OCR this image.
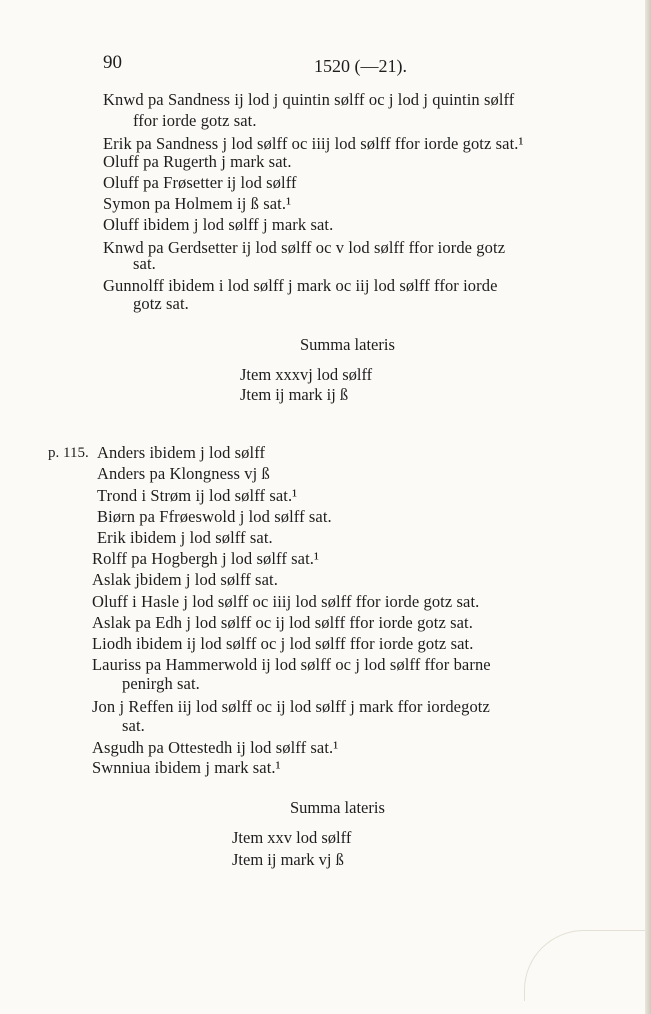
90	1520 (—21).
Knwd pa Sandness ij lod j quintin sølff oc j lod j quintin sølff
ffor iorde gotz sat.
Erik pa Sandness j lod sølff oc iiij lod sølff ffor iorde gotz sat.¹
Oluff pa Rugerth j mark sat.
Oluff pa Frøsetter ij lod sølff
Symon pa Holmem ij ß sat.¹
Oluff ibidem j lod sølff j mark sat.
Knwd pa Gerdsetter ij lod sølff oc v lod sølff ffor iorde gotz
sat.
Gunnolff ibidem i lod sølff j mark oc iij lod sølff ffor iorde
gotz sat.
Summa lateris
Jtem xxxvj lod sølff
Jtem ij mark ij ß
p. 115. Anders ibidem j lod sølff
Anders pa Klongness vj ß
Trond i Strøm ij lod sølff sat.¹
Biørn pa Ffrøeswold j lod sølff sat.
Erik ibidem j lod sølff sat.
Rolff pa Hogbergh j lod sølff sat.¹
Aslak jbidem j lod sølff sat.
Oluff i Hasle j lod sølff oc iiij lod sølff ffor iorde gotz sat.
Aslak pa Edh j lod sølff oc ij lod sølff ffor iorde gotz sat.
Liodh ibidem ij lod sølff oc j lod sølff ffor iorde gotz sat.
Lauriss pa Hammerwold ij lod sølff oc j lod sølff ffor barne
penirgh sat.
Jon j Reffen iij lod sølff oc ij lod sølff j mark ffor iordegotz
sat.
Asgudh pa Ottestedh ij lod sølff sat.¹
Swnniua ibidem j mark sat.¹
Summa lateris
Jtem xxv lod sølff
Jtem ij mark vj ß
